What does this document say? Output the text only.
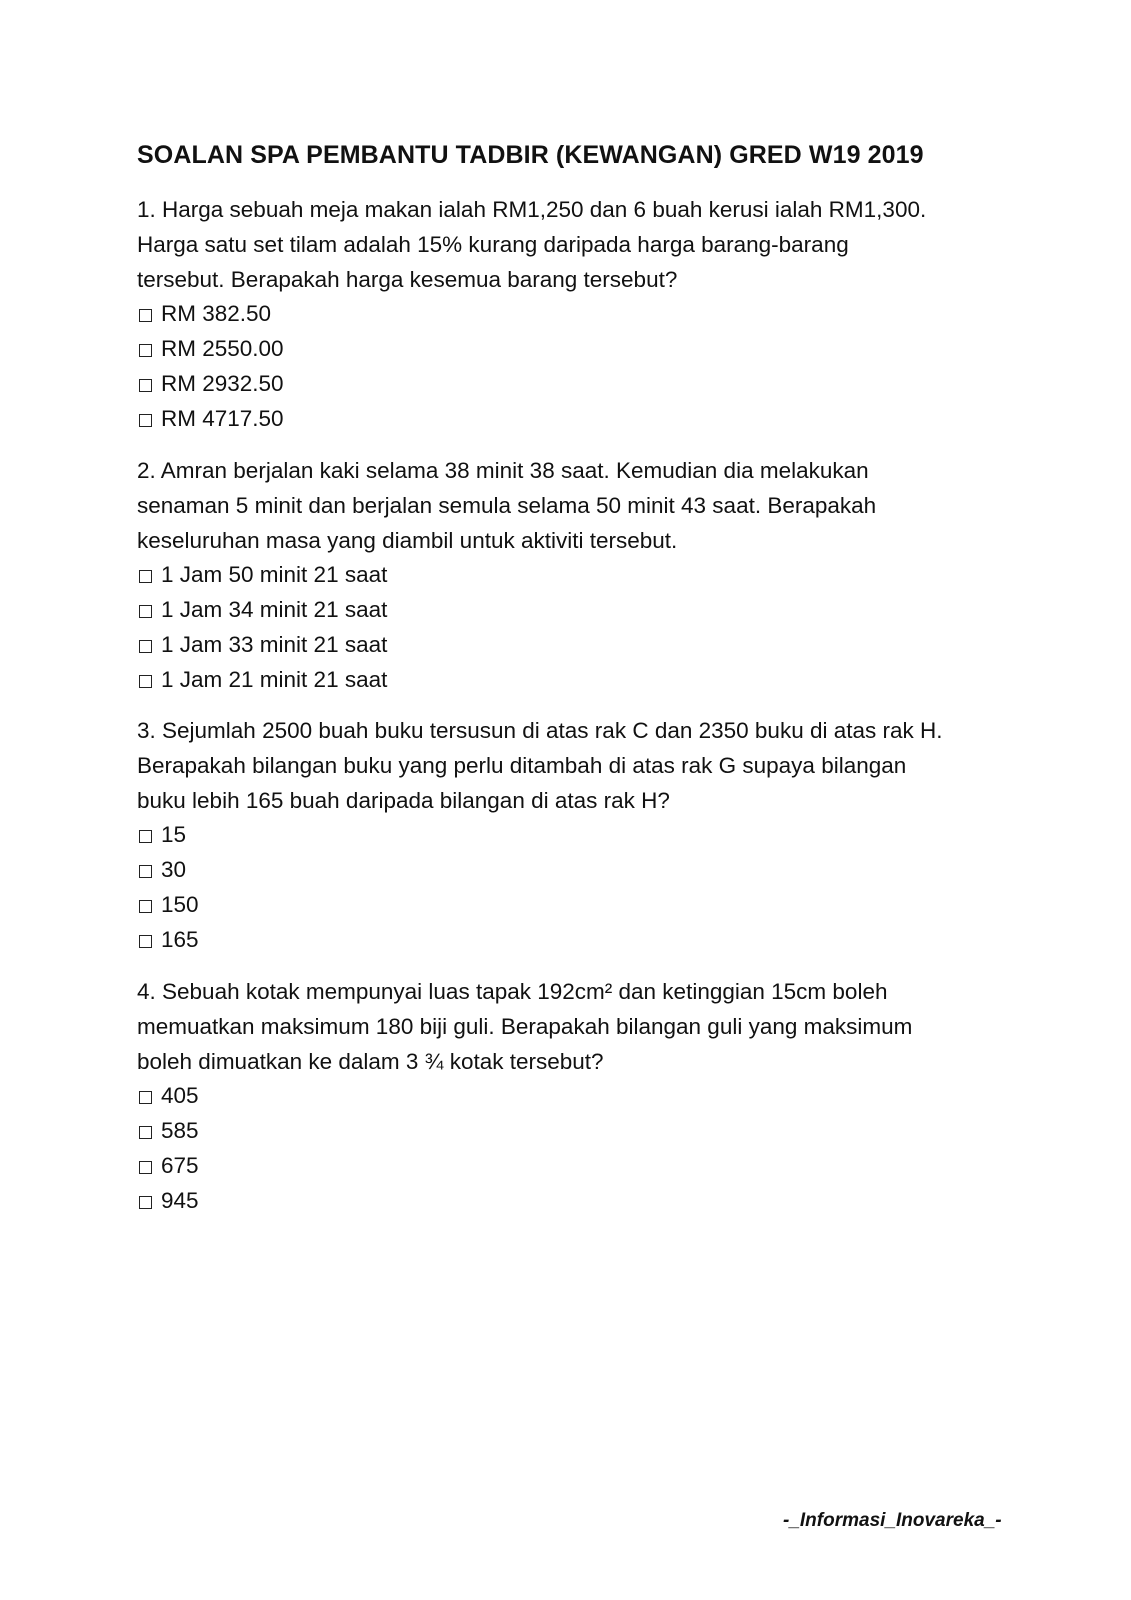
SOALAN SPA PEMBANTU TADBIR (KEWANGAN) GRED W19 2019

1. Harga sebuah meja makan ialah RM1,250 dan 6 buah kerusi ialah RM1,300.
Harga satu set tilam adalah 15% kurang daripada harga barang-barang
tersebut. Berapakah harga kesemua barang tersebut?

RM 382.50
RM 2550.00
RM 2932.50
RM 4717.50

2. Amran berjalan kaki selama 38 minit 38 saat. Kemudian dia melakukan
senaman 5 minit dan berjalan semula selama 50 minit 43 saat. Berapakah
keseluruhan masa yang diambil untuk aktiviti tersebut.

1 Jam 50 minit 21 saat
1 Jam 34 minit 21 saat
1 Jam 33 minit 21 saat
1 Jam 21 minit 21 saat

3. Sejumlah 2500 buah buku tersusun di atas rak C dan 2350 buku di atas rak H.
Berapakah bilangan buku yang perlu ditambah di atas rak G supaya bilangan
buku lebih 165 buah daripada bilangan di atas rak H?

15
30
150
165

4. Sebuah kotak mempunyai luas tapak 192cm² dan ketinggian 15cm boleh
memuatkan maksimum 180 biji guli. Berapakah bilangan guli yang maksimum
boleh dimuatkan ke dalam 3 ¾ kotak tersebut?

405
585
675
945
-_Informasi_Inovareka_-
